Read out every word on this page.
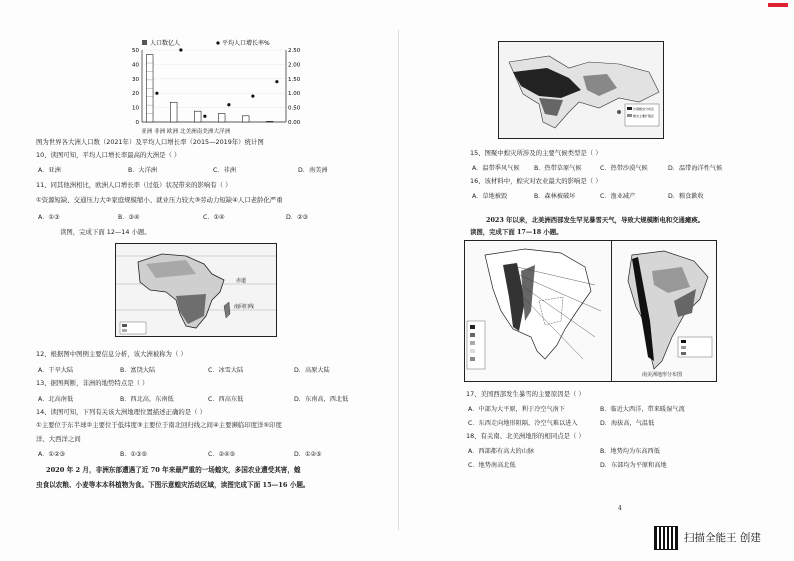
人口数亿人	平均人口增长率%
50
40
30
20
10
0
2.50
2.00
1.50
1.00
0.50
0.00
亚洲 非洲 欧洲 北美洲南美洲大洋洲
图为世界各大洲人口数（2021年）及平均人口增长率（2015—2019年）统计图
10、读图可知，平均人口增长率最高的大洲是（ ）
A．亚洲	B．大洋洲	C．非洲	D．南美洲
11、同其他洲相比，欧洲人口增长率（过低）状况带来的影响有（ ）
①资源短缺、交通压力大②家庭规模缩小、就业压力较大③劳动力短缺④人口老龄化严重
A．①③	B．③④	C．①④	D．②③
读图，完成下面 12—14 小题。
赤道
南回归线
12、根据图中图例主要信息分析，该大洲被称为（ ）
A．干旱大陆	B．富饶大陆	C．冰雪大陆	D．高原大陆
13、据图判断，非洲的地势特点是（ ）
A．北高南低	B．西北高，东南低	C．西高东低	D．东南高，西北低
14、读图可知，下列有关该大洲地理位置描述正确的是（ ）
①主要位于东半球②主要位于低纬度③主要位于南北回归线之间④主要濒临印度洋⑤印度
洋、大西洋之间
A．①②③	B．①③⑤	C．②④⑤	D．①②⑤
2020 年 2 月，非洲东部遭遇了近 70 年来最严重的一场蝗灾，多国农业遭受其害，蝗
虫食以农粮、小麦等本本科植物为食。下图示意蝗灾活动区域，读图完成下面 15—16 小题。
沙漠蝗虫分布区
蝗灾主要扩散区
15、图聚中蝗灾所涉及的主要气候类型是（ ）
A．温带季风气候 B．热带草原气候	C．热带沙漠气候	D．温带海洋性气候
16、该材料中，蝗灾对农业最大的影响是（ ）
A．草地被毁	B．森林被破坏	C．渔业减产	D．粮食歉收
2023 年以来，北美洲西部发生罕见暴雪天气，导致大规模断电和交通瘫痪。
读图，完成下面 17—18 小题。
南美洲地形分布图
17、美国西部发生暴雪的主要原因是（ ）
A．中部为大平原，利于冷空气南下	B．临近大西洋，带来暖湿气流
C．东西走向地形阻隔，冷空气难以进入	D．海拔高，气温低
18、有关南、北美洲地形的相同点是（ ）
A．西部都有高大的山脉	B．地势均为东高西低
C．地势南高北低	D．东部均为平原和高地
4
扫描全能王 创建
